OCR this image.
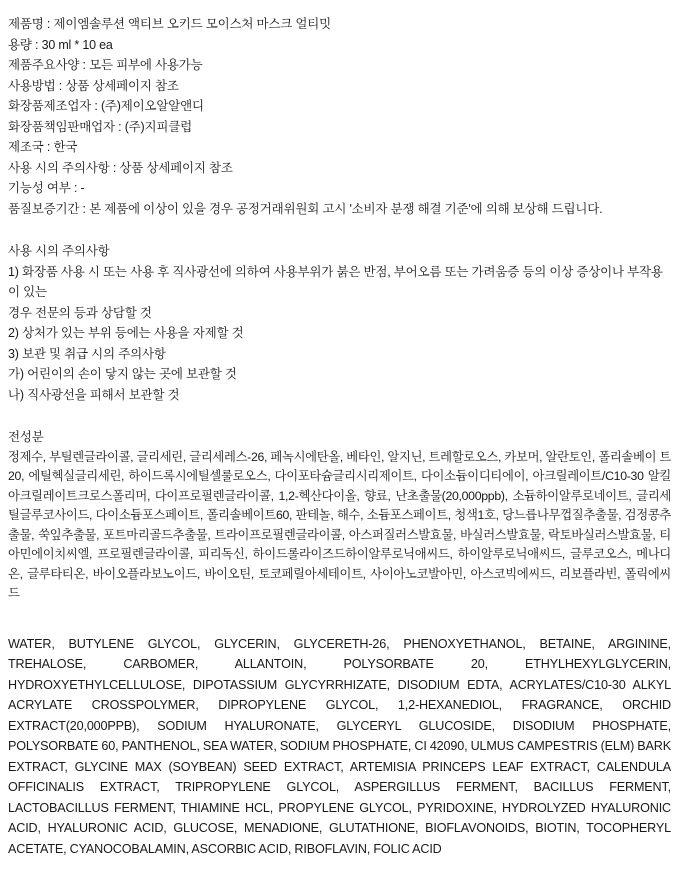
제품명 : 제이엠솔루션 액티브 오키드 모이스처 마스크 얼티밋
용량 : 30 ml * 10 ea
제품주요사양 : 모든 피부에 사용가능
사용방법 : 상품 상세페이지 참조
화장품제조업자 : (주)제이오알알앤디
화장품책임판매업자 : (주)지피클럽
제조국 : 한국
사용 시의 주의사항 : 상품 상세페이지 참조
기능성 여부 : -
품질보증기간 : 본 제품에 이상이 있을 경우 공정거래위원회 고시 '소비자 분쟁 해결 기준'에 의해 보상해 드립니다.
사용 시의 주의사항
1) 화장품 사용 시 또는 사용 후 직사광선에 의하여 사용부위가 붉은 반점, 부어오름 또는 가려움증 등의 이상 증상이나 부작용이 있는
경우 전문의 등과 상담할 것
2) 상처가 있는 부위 등에는 사용을 자제할 것
3) 보관 및 취급 시의 주의사항
가) 어린이의 손이 닿지 않는 곳에 보관할 것
나) 직사광선을 피해서 보관할 것
전성분

정제수, 부틸렌글라이콜, 글리세린, 글리세레스-26, 페녹시에탄올, 베타인, 알지닌, 트레할로오스, 카보머, 알란토인, 폴리솔베이 트20, 에틸헥실글리세린, 하이드록시에틸셀룰로오스, 다이포타슘글리시리제이트, 다이소듐이디티에이, 아크릴레이트/C10-30 알킬아크릴레이트크로스폴리머, 다이프로필렌글라이콜, 1,2-헥산다이올, 향료, 난초출물(20,000ppb), 소듐하이알루로네이트, 글리세틸글루코사이드, 다이소듐포스페이트, 폴리솔베이트60, 판테놀, 해수, 소듐포스페이트, 청색1호, 당느릅나무껍질추출물, 검정콩추출물, 쑥잎추출물, 포트마리골드추출물, 트라이프로필렌글라이콜, 아스퍼질러스발효물, 바실러스발효물, 락토바실러스발효물, 티아민에이치씨엘, 프로필렌글라이콜, 피리독신, 하이드롤라이즈드하이알루로닉애씨드, 하이알루로닉애씨드, 글루코오스, 메나디온, 글루타티온, 바이오플라보노이드, 바이오틴, 토코페릴아세테이트, 사이아노코발아민, 아스코빅에씨드, 리보플라빈, 폴릭에씨드

WATER, BUTYLENE GLYCOL, GLYCERIN, GLYCERETH-26, PHENOXYETHANOL, BETAINE, ARGININE, TREHALOSE, CARBOMER, ALLANTOIN, POLYSORBATE 20, ETHYLHEXYLGLYCERIN, HYDROXYETHYLCELLULOSE, DIPOTASSIUM GLYCYRRHIZATE, DISODIUM EDTA, ACRYLATES/C10-30 ALKYL ACRYLATE CROSSPOLYMER, DIPROPYLENE GLYCOL, 1,2-HEXANEDIOL, FRAGRANCE, ORCHID EXTRACT(20,000PPB), SODIUM HYALURONATE, GLYCERYL GLUCOSIDE, DISODIUM PHOSPHATE, POLYSORBATE 60, PANTHENOL, SEA WATER, SODIUM PHOSPHATE, CI 42090, ULMUS CAMPESTRIS (ELM) BARK EXTRACT, GLYCINE MAX (SOYBEAN) SEED EXTRACT, ARTEMISIA PRINCEPS LEAF EXTRACT, CALENDULA OFFICINALIS EXTRACT, TRIPROPYLENE GLYCOL, ASPERGILLUS FERMENT, BACILLUS FERMENT, LACTOBACILLUS FERMENT, THIAMINE HCL, PROPYLENE GLYCOL, PYRIDOXINE, HYDROLYZED HYALURONIC ACID, HYALURONIC ACID, GLUCOSE, MENADIONE, GLUTATHIONE, BIOFLAVONOIDS, BIOTIN, TOCOPHERYL ACETATE, CYANOCOBALAMIN, ASCORBIC ACID, RIBOFLAVIN, FOLIC ACID
